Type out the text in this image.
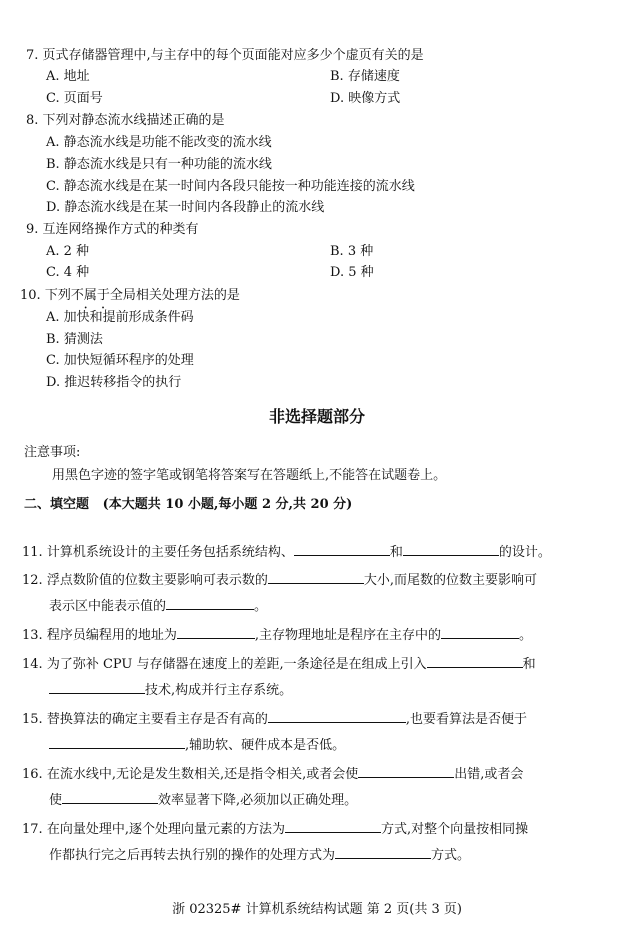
7. 页式存储器管理中,与主存中的每个页面能对应多少个虚页有关的是
A. 地址	B. 存储速度
C. 页面号	D. 映像方式
8. 下列对静态流水线描述正确的是
A. 静态流水线是功能不能改变的流水线
B. 静态流水线是只有一种功能的流水线
C. 静态流水线是在某一时间内各段只能按一种功能连接的流水线
D. 静态流水线是在某一时间内各段静止的流水线
9. 互连网络操作方式的种类有
A. 2 种	B. 3 种
C. 4 种	D. 5 种
10. 下列不属于 • •全局相关处理方法的是
A. 加快和提前形成条件码
B. 猜测法
C. 加快短循环程序的处理
D. 推迟转移指令的执行
非选择题部分
注意事项:
用黑色字迹的签字笔或钢笔将答案写在答题纸上,不能答在试题卷上。
二、填空题 (本大题共 10 小题,每小题 2 分,共 20 分)
11. 计算机系统设计的主要任务包括系统结构、	和	的设计。
12. 浮点数阶值的位数主要影响可表示数的	大小,而尾数的位数主要影响可
表示区中能表示值的	。
13. 程序员编程用的地址为	,主存物理地址是程序在主存中的	。
14. 为了弥补 CPU 与存储器在速度上的差距,一条途径是在组成上引入	和
技术,构成并行主存系统。
15. 替换算法的确定主要看主存是否有高的	,也要看算法是否便于
,辅助软、硬件成本是否低。
16. 在流水线中,无论是发生数相关,还是指令相关,或者会使	出错,或者会
使	效率显著下降,必须加以正确处理。
17. 在向量处理中,逐个处理向量元素的方法为	方式,对整个向量按相同操
作都执行完之后再转去执行别的操作的处理方式为	方式。
浙 02325# 计算机系统结构试题 第 2 页(共 3 页)
